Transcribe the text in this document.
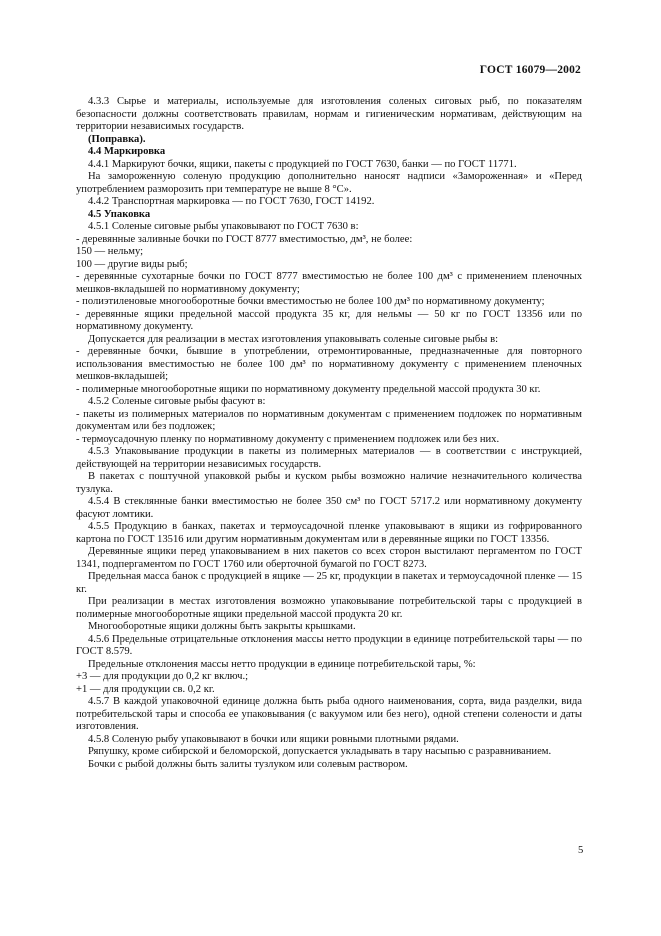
ГОСТ 16079—2002

4.3.3 Сырье и материалы, используемые для изготовления соленых сиговых рыб, по показателям безопасности должны соответствовать правилам, нормам и гигиеническим нормативам, действующим на территории независимых государств.

(Поправка).

4.4 Маркировка

4.4.1 Маркируют бочки, ящики, пакеты с продукцией по ГОСТ 7630, банки — по ГОСТ 11771.

На замороженную соленую продукцию дополнительно наносят надписи «Замороженная» и «Перед употреблением разморозить при температуре не выше 8 °С».

4.4.2 Транспортная маркировка — по ГОСТ 7630, ГОСТ 14192.

4.5 Упаковка

4.5.1 Соленые сиговые рыбы упаковывают по ГОСТ 7630 в:

- деревянные заливные бочки по ГОСТ 8777 вместимостью, дм³, не более:

150 — нельму;

100 — другие виды рыб;

- деревянные сухотарные бочки по ГОСТ 8777 вместимостью не более 100 дм³ с применением пленочных мешков-вкладышей по нормативному документу;

- полиэтиленовые многооборотные бочки вместимостью не более 100 дм³ по нормативному документу;

- деревянные ящики предельной массой продукта 35 кг, для нельмы — 50 кг по ГОСТ 13356 или по нормативному документу.

Допускается для реализации в местах изготовления упаковывать соленые сиговые рыбы в:

- деревянные бочки, бывшие в употреблении, отремонтированные, предназначенные для повторного использования вместимостью не более 100 дм³ по нормативному документу с применением пленочных мешков-вкладышей;

- полимерные многооборотные ящики по нормативному документу предельной массой продукта 30 кг.

4.5.2 Соленые сиговые рыбы фасуют в:

- пакеты из полимерных материалов по нормативным документам с применением подложек по нормативным документам или без подложек;

- термоусадочную пленку по нормативному документу с применением подложек или без них.

4.5.3 Упаковывание продукции в пакеты из полимерных материалов — в соответствии с инструкцией, действующей на территории независимых государств.

В пакетах с поштучной упаковкой рыбы и куском рыбы возможно наличие незначительного количества тузлука.

4.5.4 В стеклянные банки вместимостью не более 350 см³ по ГОСТ 5717.2 или нормативному документу фасуют ломтики.

4.5.5 Продукцию в банках, пакетах и термоусадочной пленке упаковывают в ящики из гофрированного картона по ГОСТ 13516 или другим нормативным документам или в деревянные ящики по ГОСТ 13356.

Деревянные ящики перед упаковыванием в них пакетов со всех сторон выстилают пергаментом по ГОСТ 1341, подпергаментом по ГОСТ 1760 или оберточной бумагой по ГОСТ 8273.

Предельная масса банок с продукцией в ящике — 25 кг, продукции в пакетах и термоусадочной пленке — 15 кг.

При реализации в местах изготовления возможно упаковывание потребительской тары с продукцией в полимерные многооборотные ящики предельной массой продукта 20 кг.

Многооборотные ящики должны быть закрыты крышками.

4.5.6 Предельные отрицательные отклонения массы нетто продукции в единице потребительской тары — по ГОСТ 8.579.

Предельные отклонения массы нетто продукции в единице потребительской тары, %:

+3 — для продукции до 0,2 кг включ.;

+1 — для продукции св. 0,2 кг.

4.5.7 В каждой упаковочной единице должна быть рыба одного наименования, сорта, вида разделки, вида потребительской тары и способа ее упаковывания (с вакуумом или без него), одной степени солености и даты изготовления.

4.5.8 Соленую рыбу упаковывают в бочки или ящики ровными плотными рядами.

Ряпушку, кроме сибирской и беломорской, допускается укладывать в тару насыпью с разравниванием.

Бочки с рыбой должны быть залиты тузлуком или солевым раствором.

5
